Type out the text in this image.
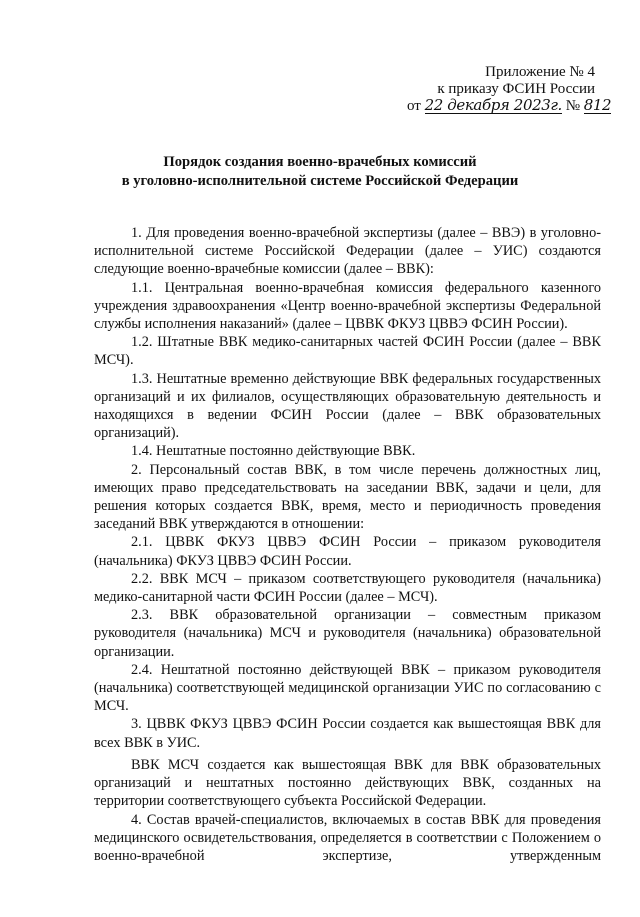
Приложение № 4
к приказу ФСИН России
от 22 декабря 2023г. № 812
Порядок создания военно-врачебных комиссий
в уголовно-исполнительной системе Российской Федерации

1. Для проведения военно-врачебной экспертизы (далее – ВВЭ) в уголовно-исполнительной системе Российской Федерации (далее – УИС) создаются следующие военно-врачебные комиссии (далее – ВВК):

1.1. Центральная военно-врачебная комиссия федерального казенного учреждения здравоохранения «Центр военно-врачебной экспертизы Федеральной службы исполнения наказаний» (далее – ЦВВК ФКУЗ ЦВВЭ ФСИН России).

1.2. Штатные ВВК медико-санитарных частей ФСИН России (далее – ВВК МСЧ).

1.3. Нештатные временно действующие ВВК федеральных государственных организаций и их филиалов, осуществляющих образовательную деятельность и находящихся в ведении ФСИН России (далее – ВВК образовательных организаций).

1.4. Нештатные постоянно действующие ВВК.

2. Персональный состав ВВК, в том числе перечень должностных лиц, имеющих право председательствовать на заседании ВВК, задачи и цели, для решения которых создается ВВК, время, место и периодичность проведения заседаний ВВК утверждаются в отношении:

2.1. ЦВВК ФКУЗ ЦВВЭ ФСИН России – приказом руководителя (начальника) ФКУЗ ЦВВЭ ФСИН России.

2.2. ВВК МСЧ – приказом соответствующего руководителя (начальника) медико-санитарной части ФСИН России (далее – МСЧ).

2.3. ВВК образовательной организации – совместным приказом руководителя (начальника) МСЧ и руководителя (начальника) образовательной организации.

2.4. Нештатной постоянно действующей ВВК – приказом руководителя (начальника) соответствующей медицинской организации УИС по согласованию с МСЧ.

3. ЦВВК ФКУЗ ЦВВЭ ФСИН России создается как вышестоящая ВВК для всех ВВК в УИС.

ВВК МСЧ создается как вышестоящая ВВК для ВВК образовательных организаций и нештатных постоянно действующих ВВК, созданных на территории соответствующего субъекта Российской Федерации.

4. Состав врачей-специалистов, включаемых в состав ВВК для проведения медицинского освидетельствования, определяется в соответствии с Положением о военно-врачебной экспертизе, утвержденным
